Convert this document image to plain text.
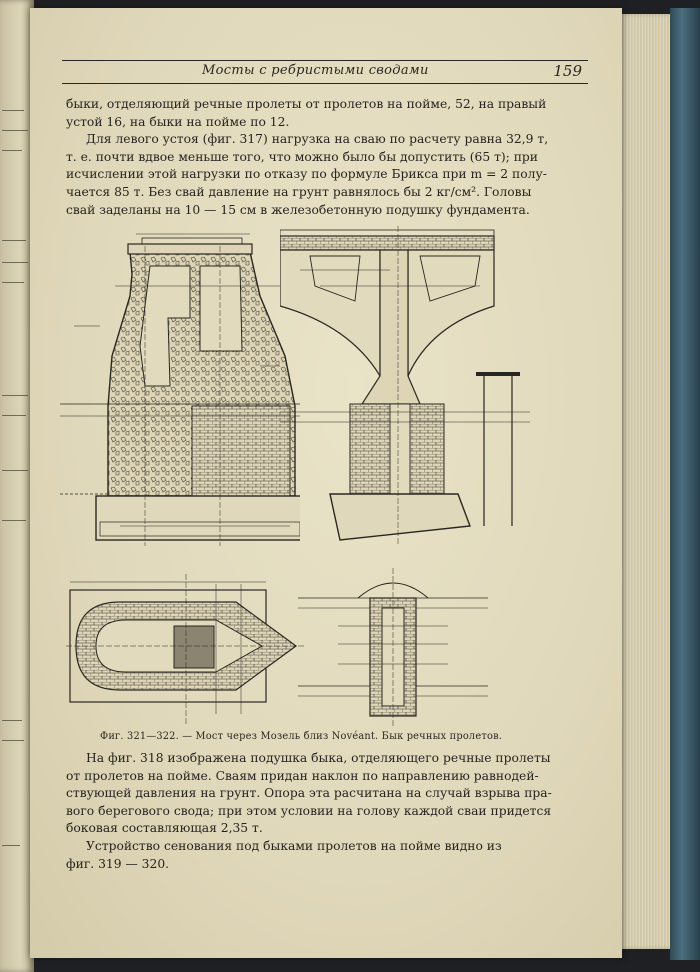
Мосты с ребристыми сводами	159

быки, отделяющий речные пролеты от пролетов на пойме, 52, на правый

устой 16, на быки на пойме по 12.

Для левого устоя (фиг. 317) нагрузка на сваю по расчету равна 32,9 т,

т. е. почти вдвое меньше того, что можно было бы допустить (65 т); при

исчислении этой нагрузки по отказу по формуле Брикса при m = 2 полу-

чается 85 т. Без свай давление на грунт равнялось бы 2 кг/см². Головы

свай заделаны на 10 — 15 см в железобетонную подушку фундамента.

Фиг. 321—322. — Мост через Мозель близ Novéant. Бык речных пролетов.

На фиг. 318 изображена подушка быка, отделяющего речные пролеты

от пролетов на пойме. Сваям придан наклон по направлению равнодей-

ствующей давления на грунт. Опора эта расчитана на случай взрыва пра-

вого берегового свода; при этом условии на голову каждой сваи придется

боковая составляющая 2,35 т.

Устройство сенования под быками пролетов на пойме видно из

фиг. 319 — 320.
